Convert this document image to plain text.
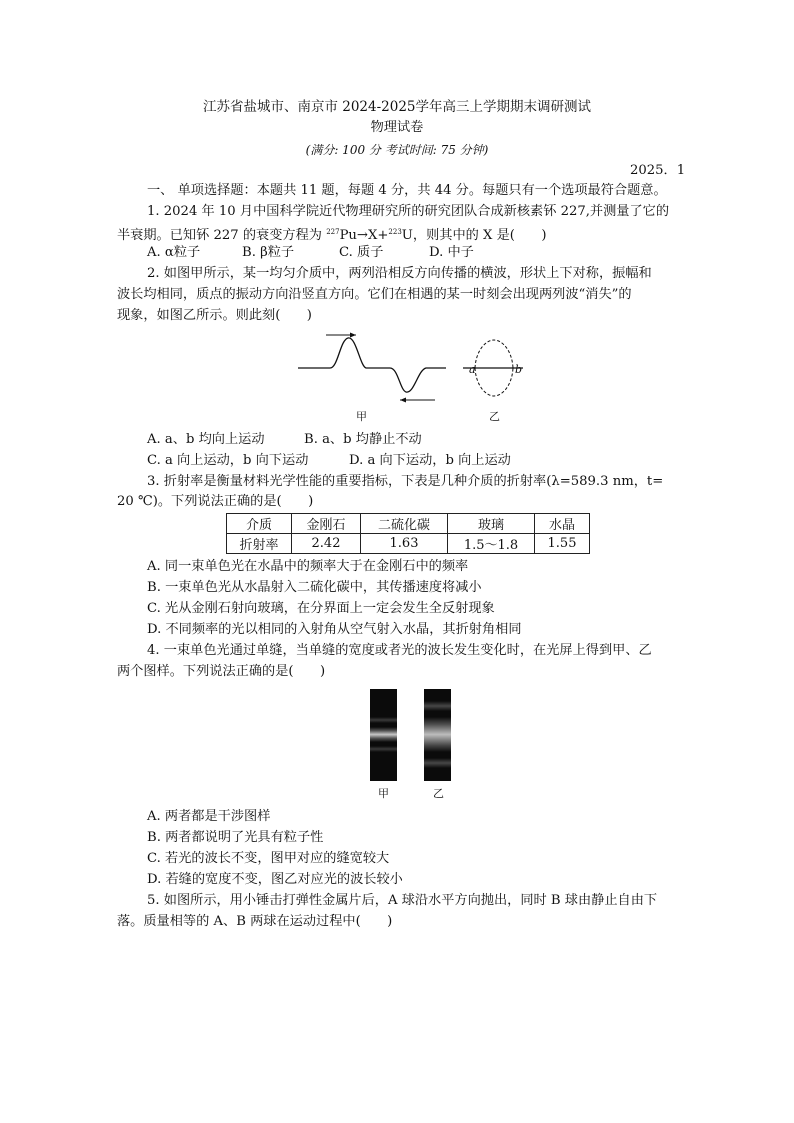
江苏省盐城市、南京市 2024-2025学年高三上学期期末调研测试
物理试卷
(满分: 100 分 考试时间: 75 分钟)
2025．1
一、 单项选择题：本题共 11 题，每题 4 分，共 44 分。每题只有一个选项最符合题意。
1. 2024 年 10 月中国科学院近代物理研究所的研究团队合成新核素钚 227,并测量了它的
半衰期。已知钚 227 的衰变方程为 $^{227}$Pu→X+$^{223}$U，则其中的 X 是(　　)
A. α粒子	B. β粒子	C. 质子	D. 中子
2. 如图甲所示，某一均匀介质中，两列沿相反方向传播的横波，形状上下对称，振幅和
波长均相同，质点的振动方向沿竖直方向。它们在相遇的某一时刻会出现两列波“消失”的
现象，如图乙所示。则此刻(　　)
a	b
甲	乙
A. a、b 均向上运动	B. a、b 均静止不动
C. a 向上运动，b 向下运动	D. a 向下运动，b 向上运动
3. 折射率是衡量材料光学性能的重要指标，下表是几种介质的折射率(λ=589.3 nm，t=
20 ℃)。下列说法正确的是(　　)
介质	金刚石	二硫化碳	玻璃	水晶
折射率	2.42	1.63	1.5～1.8	1.55
A. 同一束单色光在水晶中的频率大于在金刚石中的频率
B. 一束单色光从水晶射入二硫化碳中，其传播速度将减小
C. 光从金刚石射向玻璃，在分界面上一定会发生全反射现象
D. 不同频率的光以相同的入射角从空气射入水晶，其折射角相同
4. 一束单色光通过单缝，当单缝的宽度或者光的波长发生变化时，在光屏上得到甲、乙
两个图样。下列说法正确的是(　　)
甲	乙
A. 两者都是干涉图样
B. 两者都说明了光具有粒子性
C. 若光的波长不变，图甲对应的缝宽较大
D. 若缝的宽度不变，图乙对应光的波长较小
5. 如图所示，用小锤击打弹性金属片后，A 球沿水平方向抛出，同时 B 球由静止自由下
落。质量相等的 A、B 两球在运动过程中(　　)
